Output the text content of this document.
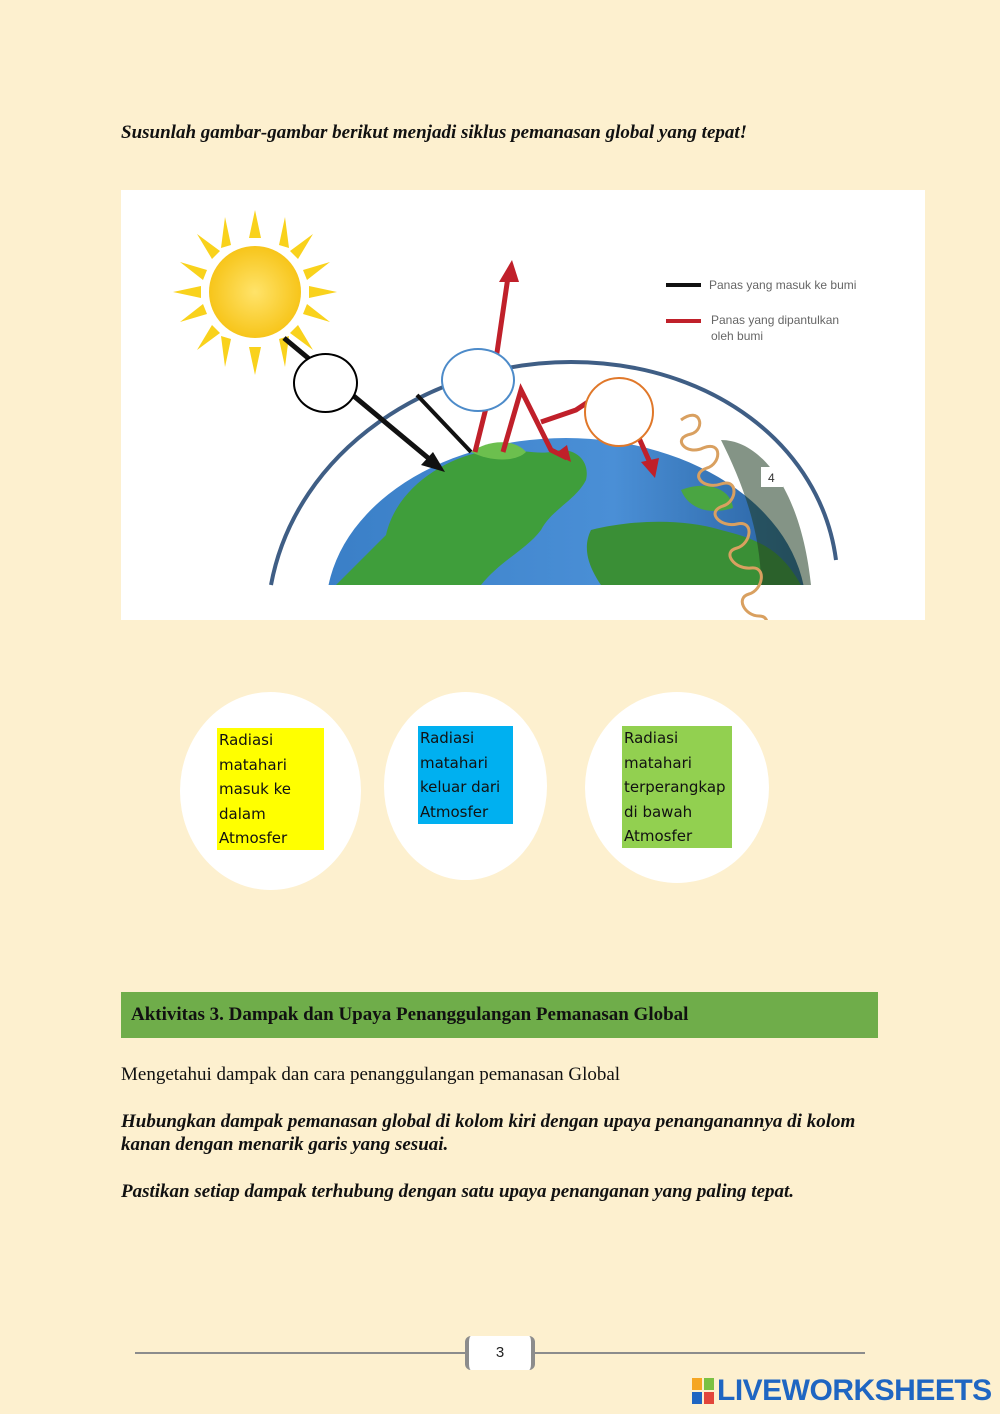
Susunlah gambar-gambar berikut menjadi siklus pemanasan global yang tepat!
4
Panas yang masuk ke bumi
Panas yang dipantulkan
oleh bumi
Radiasi
matahari
masuk ke
dalam
Atmosfer
Radiasi
matahari
keluar dari
Atmosfer
Radiasi
matahari
terperangkap
di bawah
Atmosfer
Aktivitas 3. Dampak dan Upaya Penanggulangan Pemanasan Global
Mengetahui dampak dan cara penanggulangan pemanasan Global
Hubungkan dampak pemanasan global di kolom kiri dengan upaya penanganannya di kolom kanan dengan menarik garis yang sesuai.
Pastikan setiap dampak terhubung dengan satu upaya penanganan yang paling tepat.
3
LIVEWORKSHEETS
